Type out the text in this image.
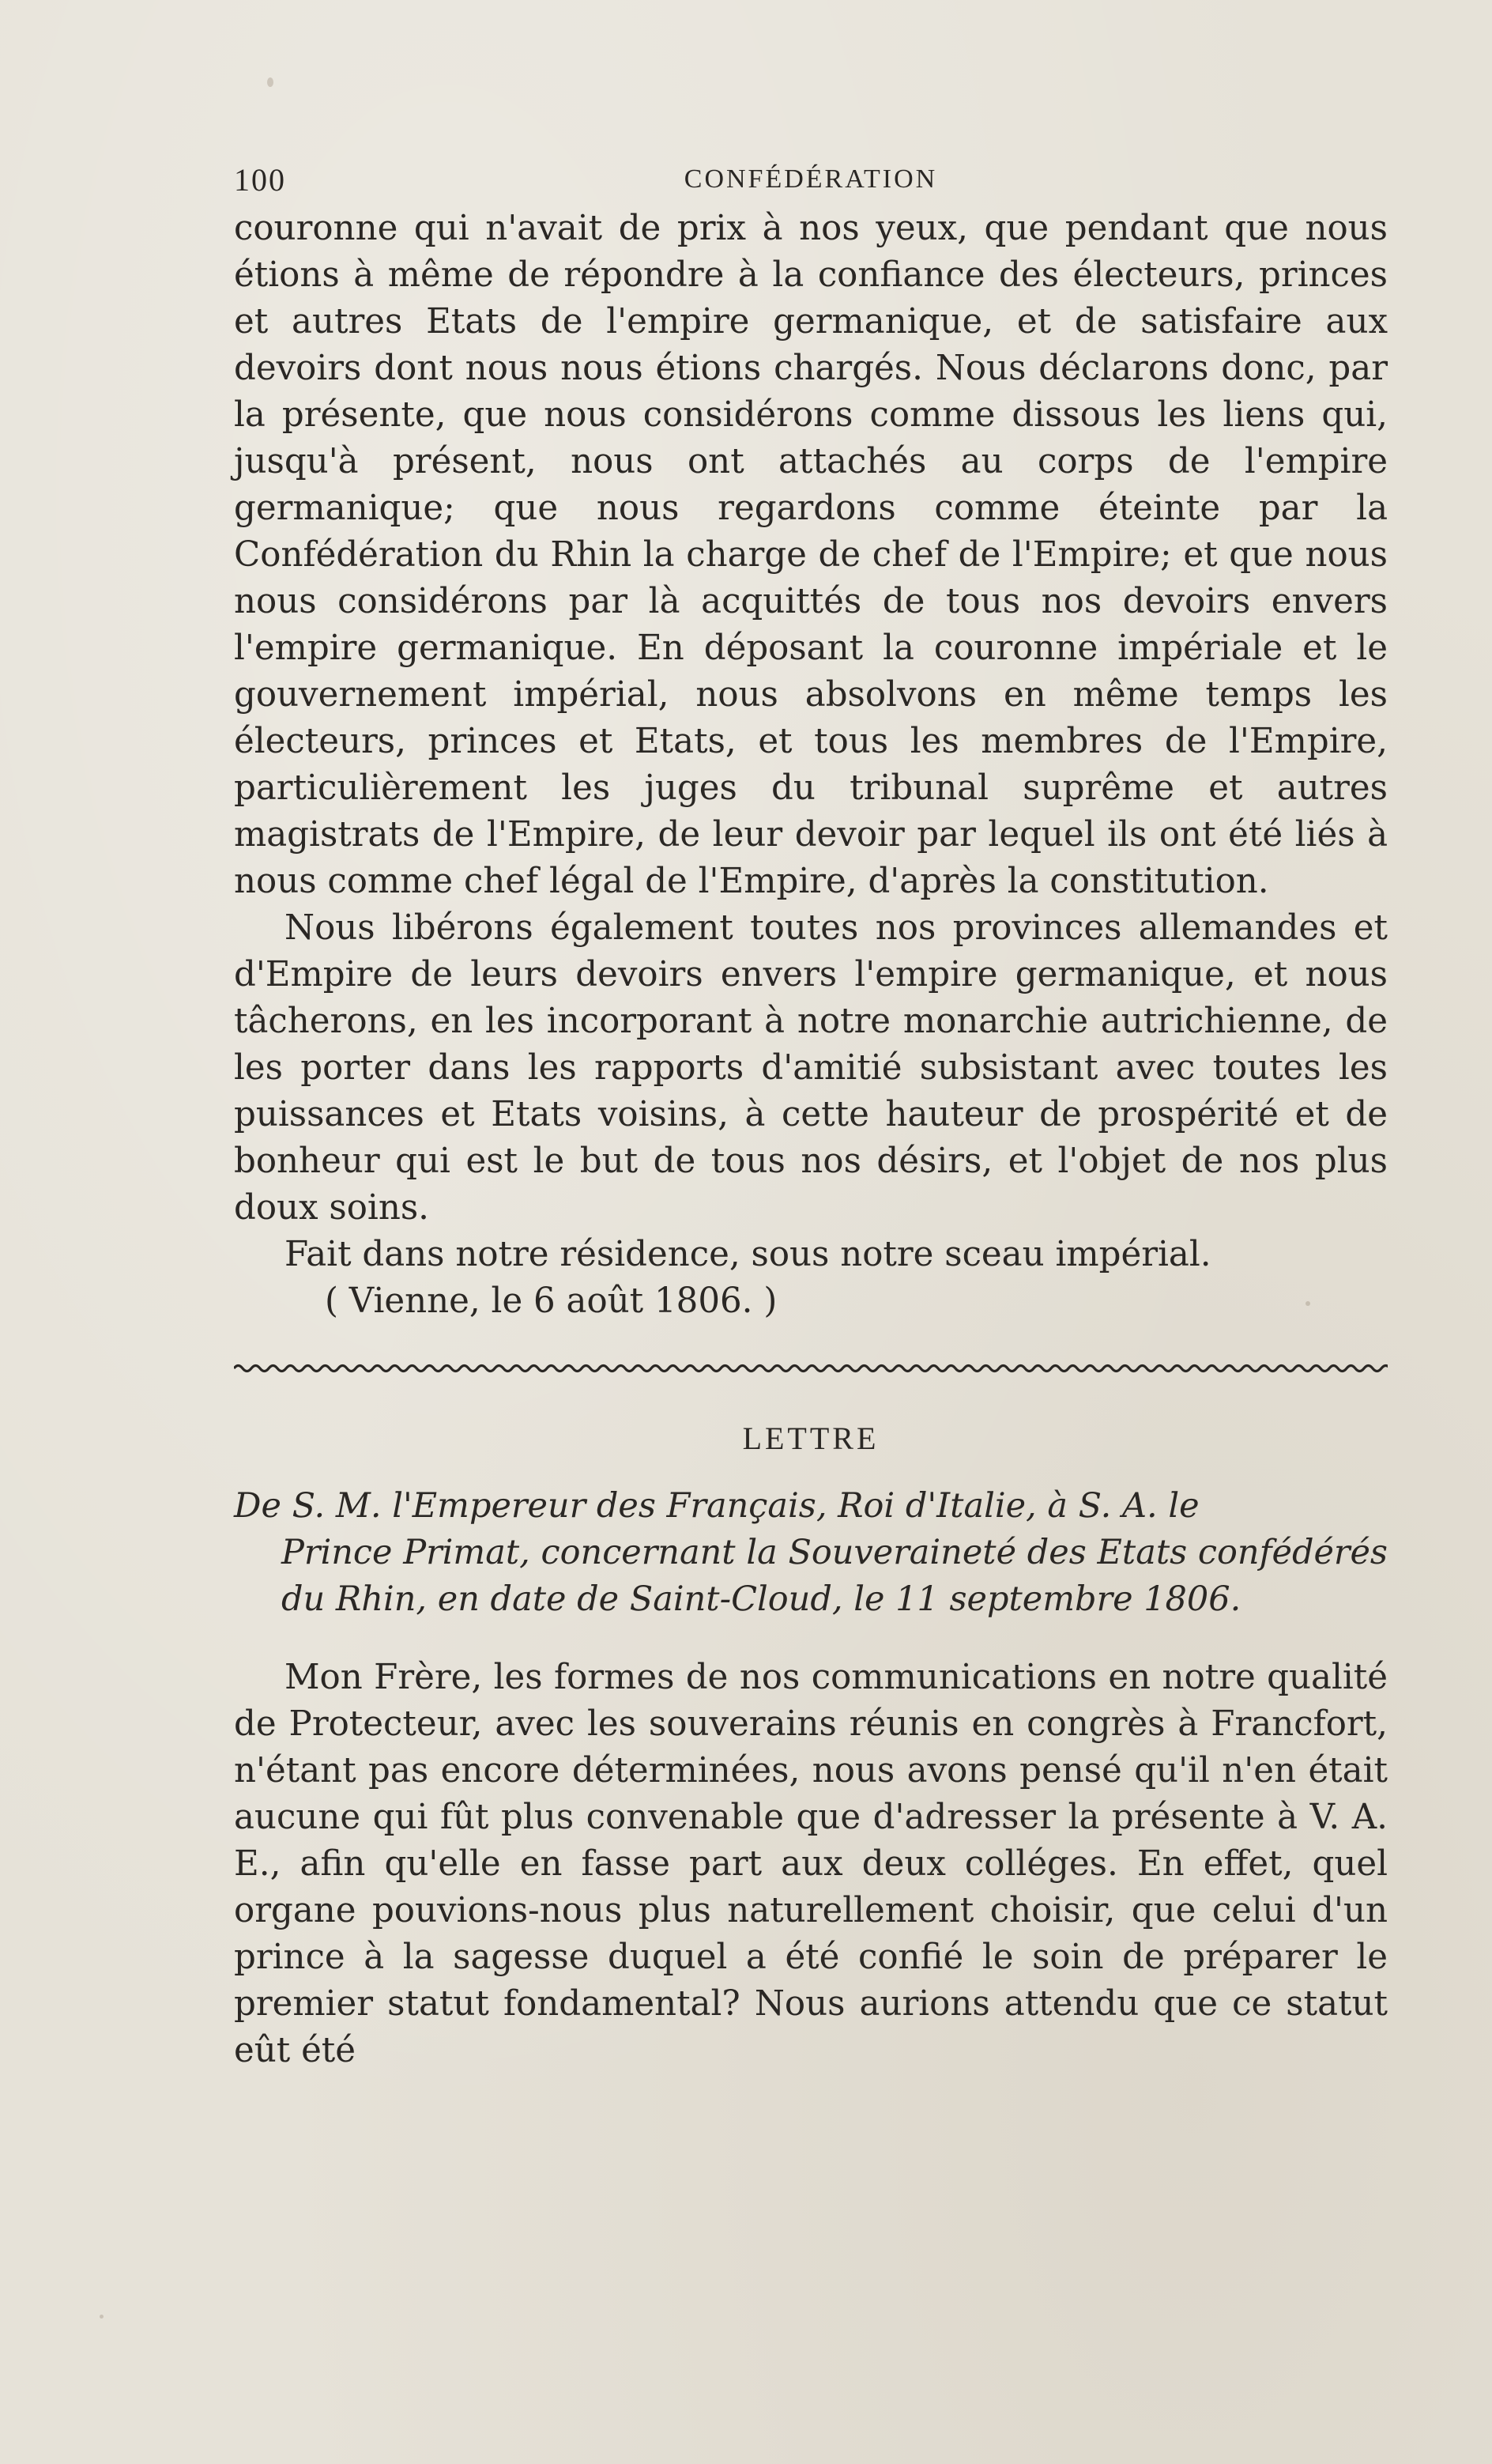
100	CONFÉDÉRATION

couronne qui n'avait de prix à nos yeux, que pendant que nous étions à même de répondre à la confiance des électeurs, princes et autres Etats de l'empire germanique, et de satisfaire aux devoirs dont nous nous étions chargés. Nous déclarons donc, par la présente, que nous considérons comme dissous les liens qui, jusqu'à présent, nous ont attachés au corps de l'empire germanique; que nous regardons comme éteinte par la Confédération du Rhin la charge de chef de l'Empire; et que nous nous considérons par là acquittés de tous nos devoirs envers l'empire germanique. En déposant la couronne impériale et le gouvernement impérial, nous absolvons en même temps les électeurs, princes et Etats, et tous les membres de l'Empire, particulièrement les juges du tribunal suprême et autres magistrats de l'Empire, de leur devoir par lequel ils ont été liés à nous comme chef légal de l'Empire, d'après la constitution.

Nous libérons également toutes nos provinces allemandes et d'Empire de leurs devoirs envers l'empire germanique, et nous tâcherons, en les incorporant à notre monarchie autrichienne, de les porter dans les rapports d'amitié subsistant avec toutes les puissances et Etats voisins, à cette hauteur de prospérité et de bonheur qui est le but de tous nos désirs, et l'objet de nos plus doux soins.

Fait dans notre résidence, sous notre sceau impérial.

( Vienne, le 6 août 1806. )

LETTRE

De S. M. l'Empereur des Français, Roi d'Italie, à S. A. le
Prince Primat, concernant la Souveraineté des Etats confédérés du Rhin, en date de Saint-Cloud, le 11 septembre 1806.

Mon Frère, les formes de nos communications en notre qualité de Protecteur, avec les souverains réunis en congrès à Francfort, n'étant pas encore déterminées, nous avons pensé qu'il n'en était aucune qui fût plus convenable que d'adresser la présente à V. A. E., afin qu'elle en fasse part aux deux colléges. En effet, quel organe pouvions-nous plus naturellement choisir, que celui d'un prince à la sagesse duquel a été confié le soin de préparer le premier statut fondamental? Nous aurions attendu que ce statut eût été
